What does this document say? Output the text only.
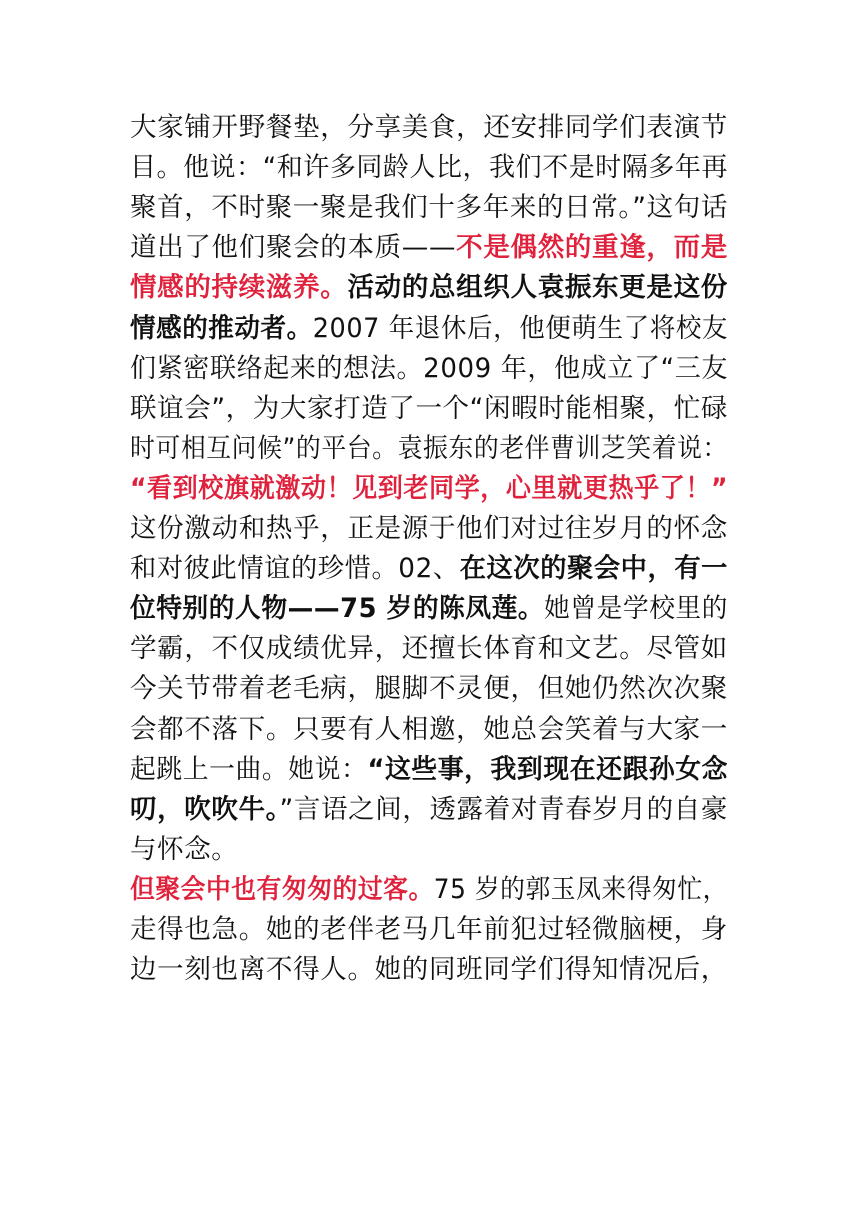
大家铺开野餐垫，分享美食，还安排同学们表演节
目。他说：“和许多同龄人比，我们不是时隔多年再
聚首，不时聚一聚是我们十多年来的日常。”这句话
道出了他们聚会的本质——不是偶然的重逢，而是
情感的持续滋养。活动的总组织人袁振东更是这份
情感的推动者。2007 年退休后，他便萌生了将校友
们紧密联络起来的想法。2009 年，他成立了“三友
联谊会”，为大家打造了一个“闲暇时能相聚，忙碌
时可相互问候”的平台。袁振东的老伴曹训芝笑着说：
“看到校旗就激动！见到老同学，心里就更热乎了！”
这份激动和热乎，正是源于他们对过往岁月的怀念
和对彼此情谊的珍惜。02、在这次的聚会中，有一
位特别的人物——75 岁的陈凤莲。她曾是学校里的
学霸，不仅成绩优异，还擅长体育和文艺。尽管如
今关节带着老毛病，腿脚不灵便，但她仍然次次聚
会都不落下。只要有人相邀，她总会笑着与大家一
起跳上一曲。她说：“这些事，我到现在还跟孙女念
叨，吹吹牛。”言语之间，透露着对青春岁月的自豪
与怀念。
但聚会中也有匆匆的过客。75 岁的郭玉凤来得匆忙，
走得也急。她的老伴老马几年前犯过轻微脑梗，身
边一刻也离不得人。她的同班同学们得知情况后，
